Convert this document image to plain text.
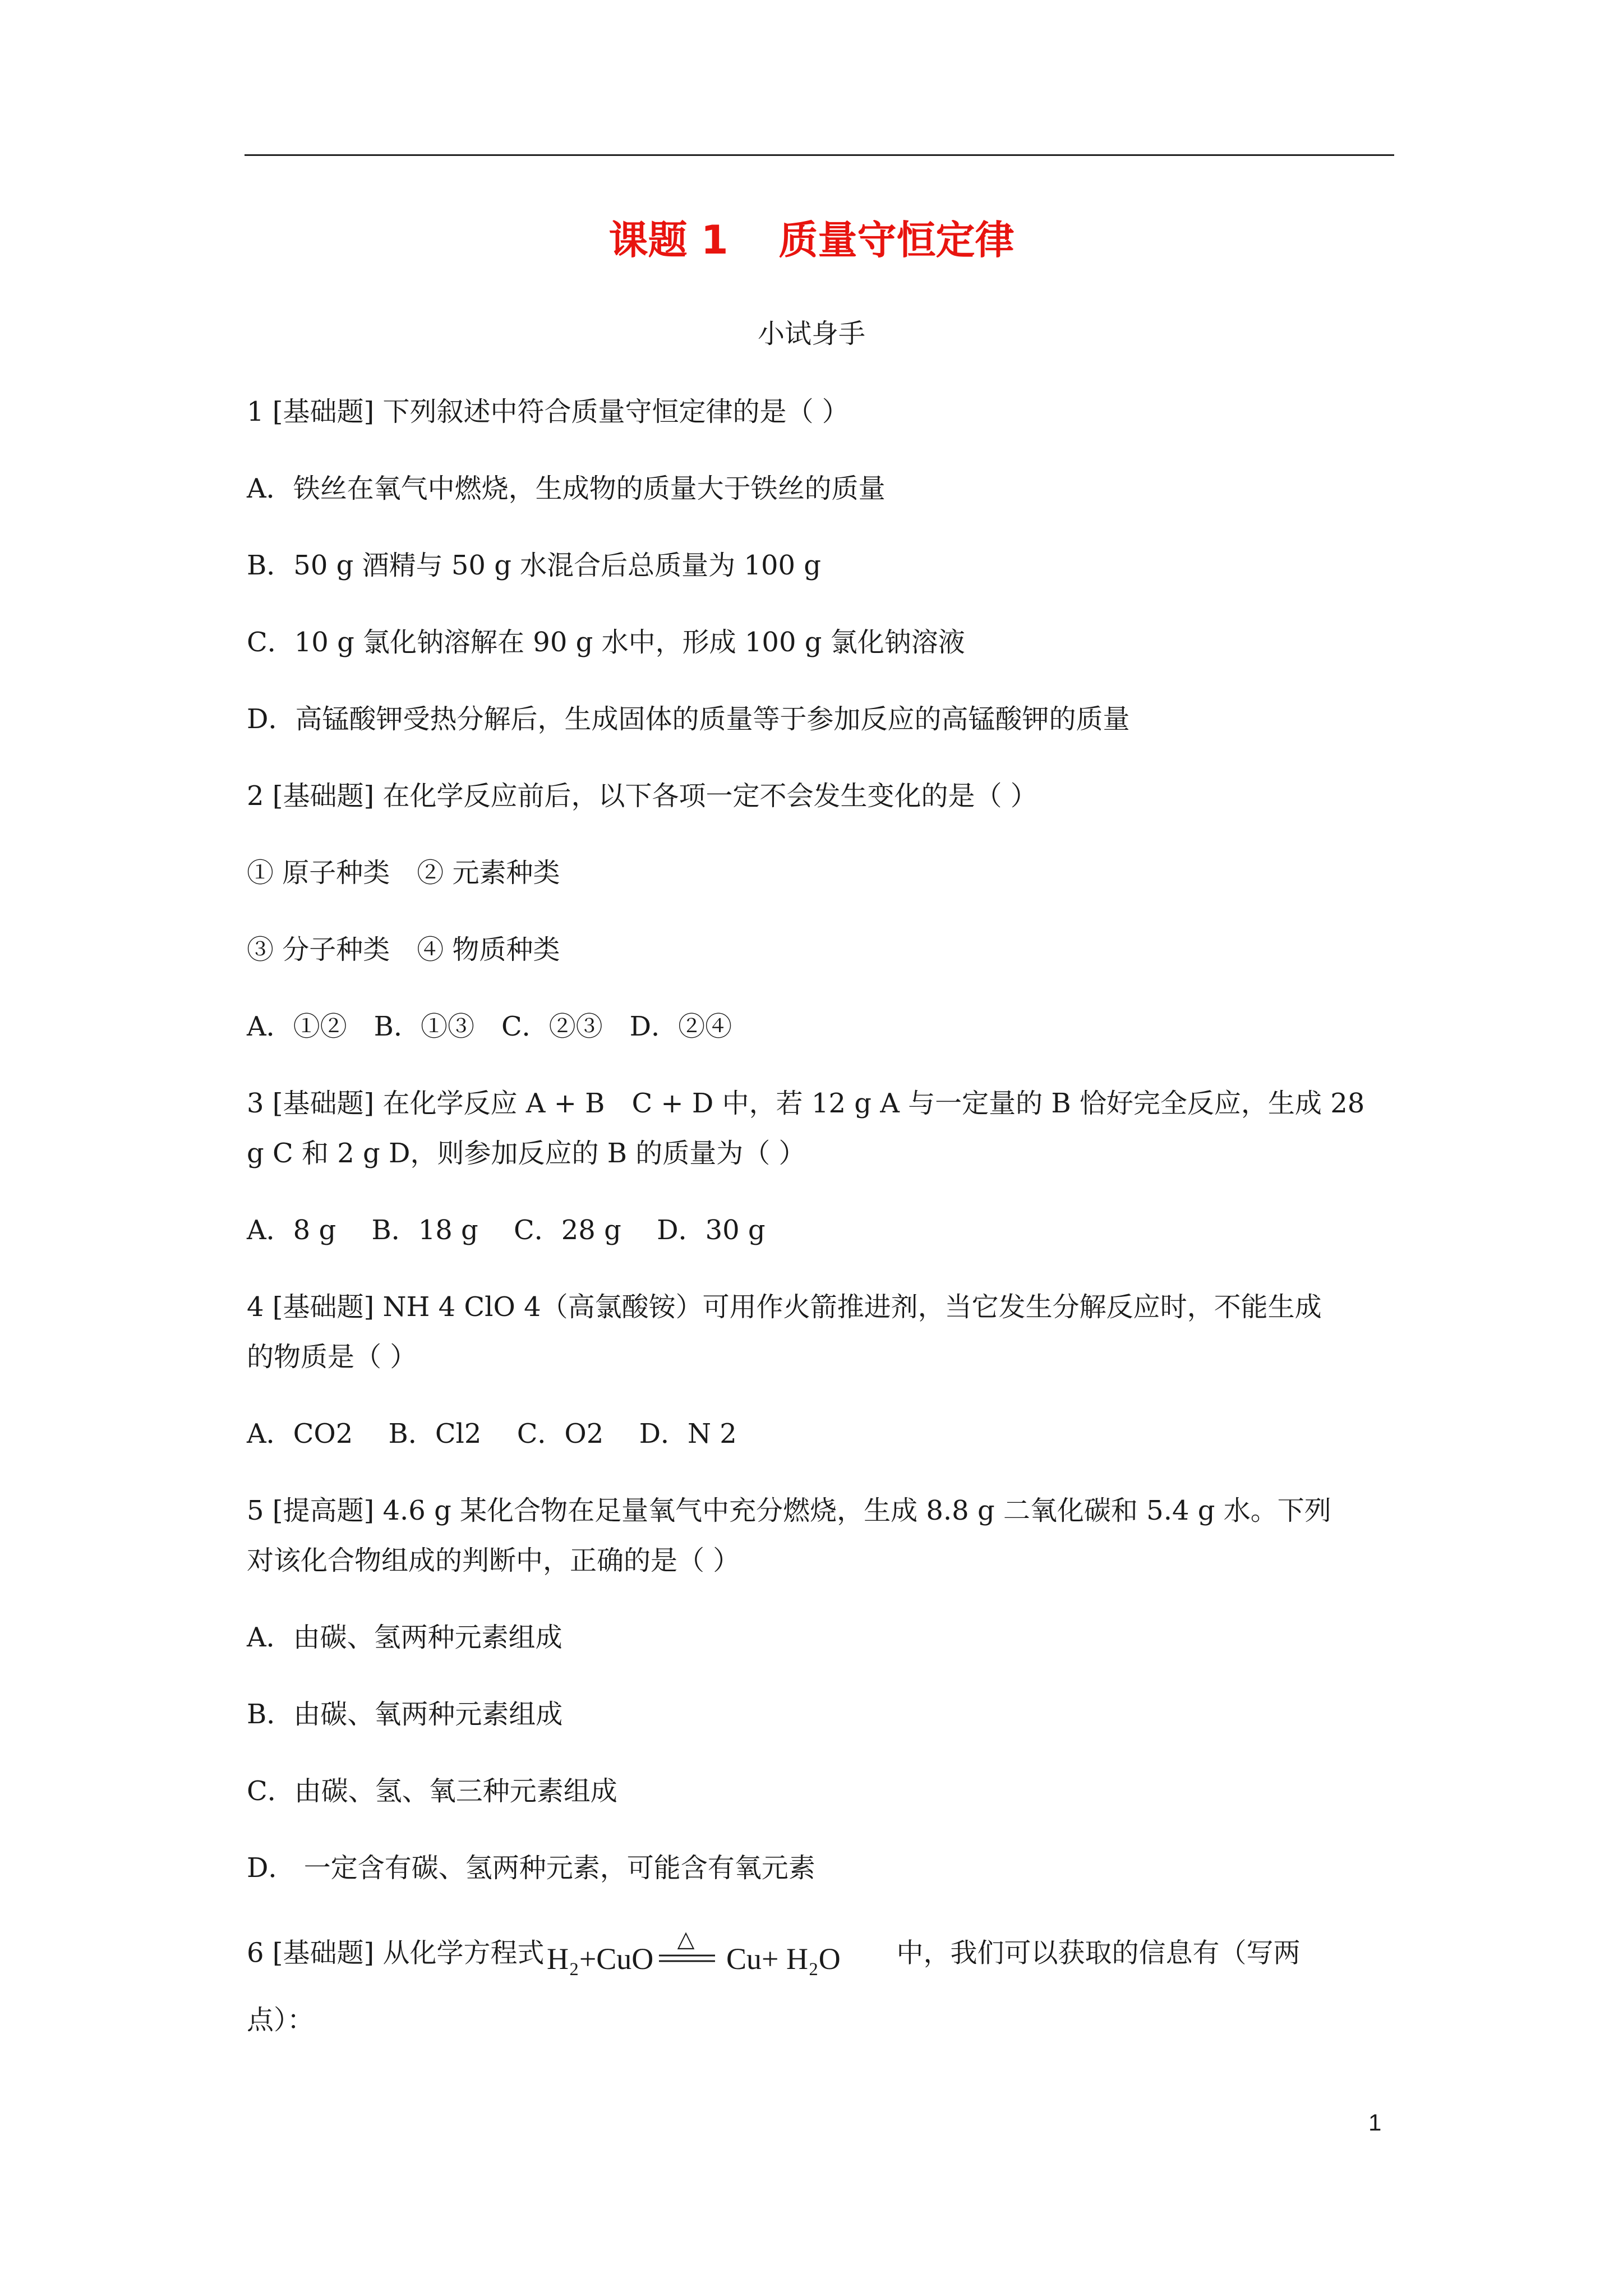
课题 1 质量守恒定律
小试身手
1 [基础题] 下列叙述中符合质量守恒定律的是（ ）
A．铁丝在氧气中燃烧，生成物的质量大于铁丝的质量
B．50 g 酒精与 50 g 水混合后总质量为 100 g
C．10 g 氯化钠溶解在 90 g 水中，形成 100 g 氯化钠溶液
D．高锰酸钾受热分解后，生成固体的质量等于参加反应的高锰酸钾的质量
2 [基础题] 在化学反应前后，以下各项一定不会发生变化的是（ ）
① 原子种类　② 元素种类
③ 分子种类　④ 物质种类
A．①②　B．①③　C．②③　D．②④
3 [基础题] 在化学反应 A + B　C + D 中，若 12 g A 与一定量的 B 恰好完全反应，生成 28
g C 和 2 g D，则参加反应的 B 的质量为（ ）
A．8 g　 B．18 g　 C．28 g　 D．30 g
4 [基础题] NH 4 ClO 4（高氯酸铵）可用作火箭推进剂，当它发生分解反应时，不能生成
的物质是（ ）
A．CO2　 B．Cl2　 C．O2　 D．N 2
5 [提高题] 4.6 g 某化合物在足量氧气中充分燃烧，生成 8.8 g 二氧化碳和 5.4 g 水。下列
对该化合物组成的判断中，正确的是（ ）
A．由碳、氢两种元素组成
B．由碳、氧两种元素组成
C．由碳、氢、氧三种元素组成
D． 一定含有碳、氢两种元素，可能含有氧元素
6 [基础题] 从化学方程式 H₂+CuO
△
Cu+ H₂O 中，我们可以获取的信息有（写两
点）：
1
